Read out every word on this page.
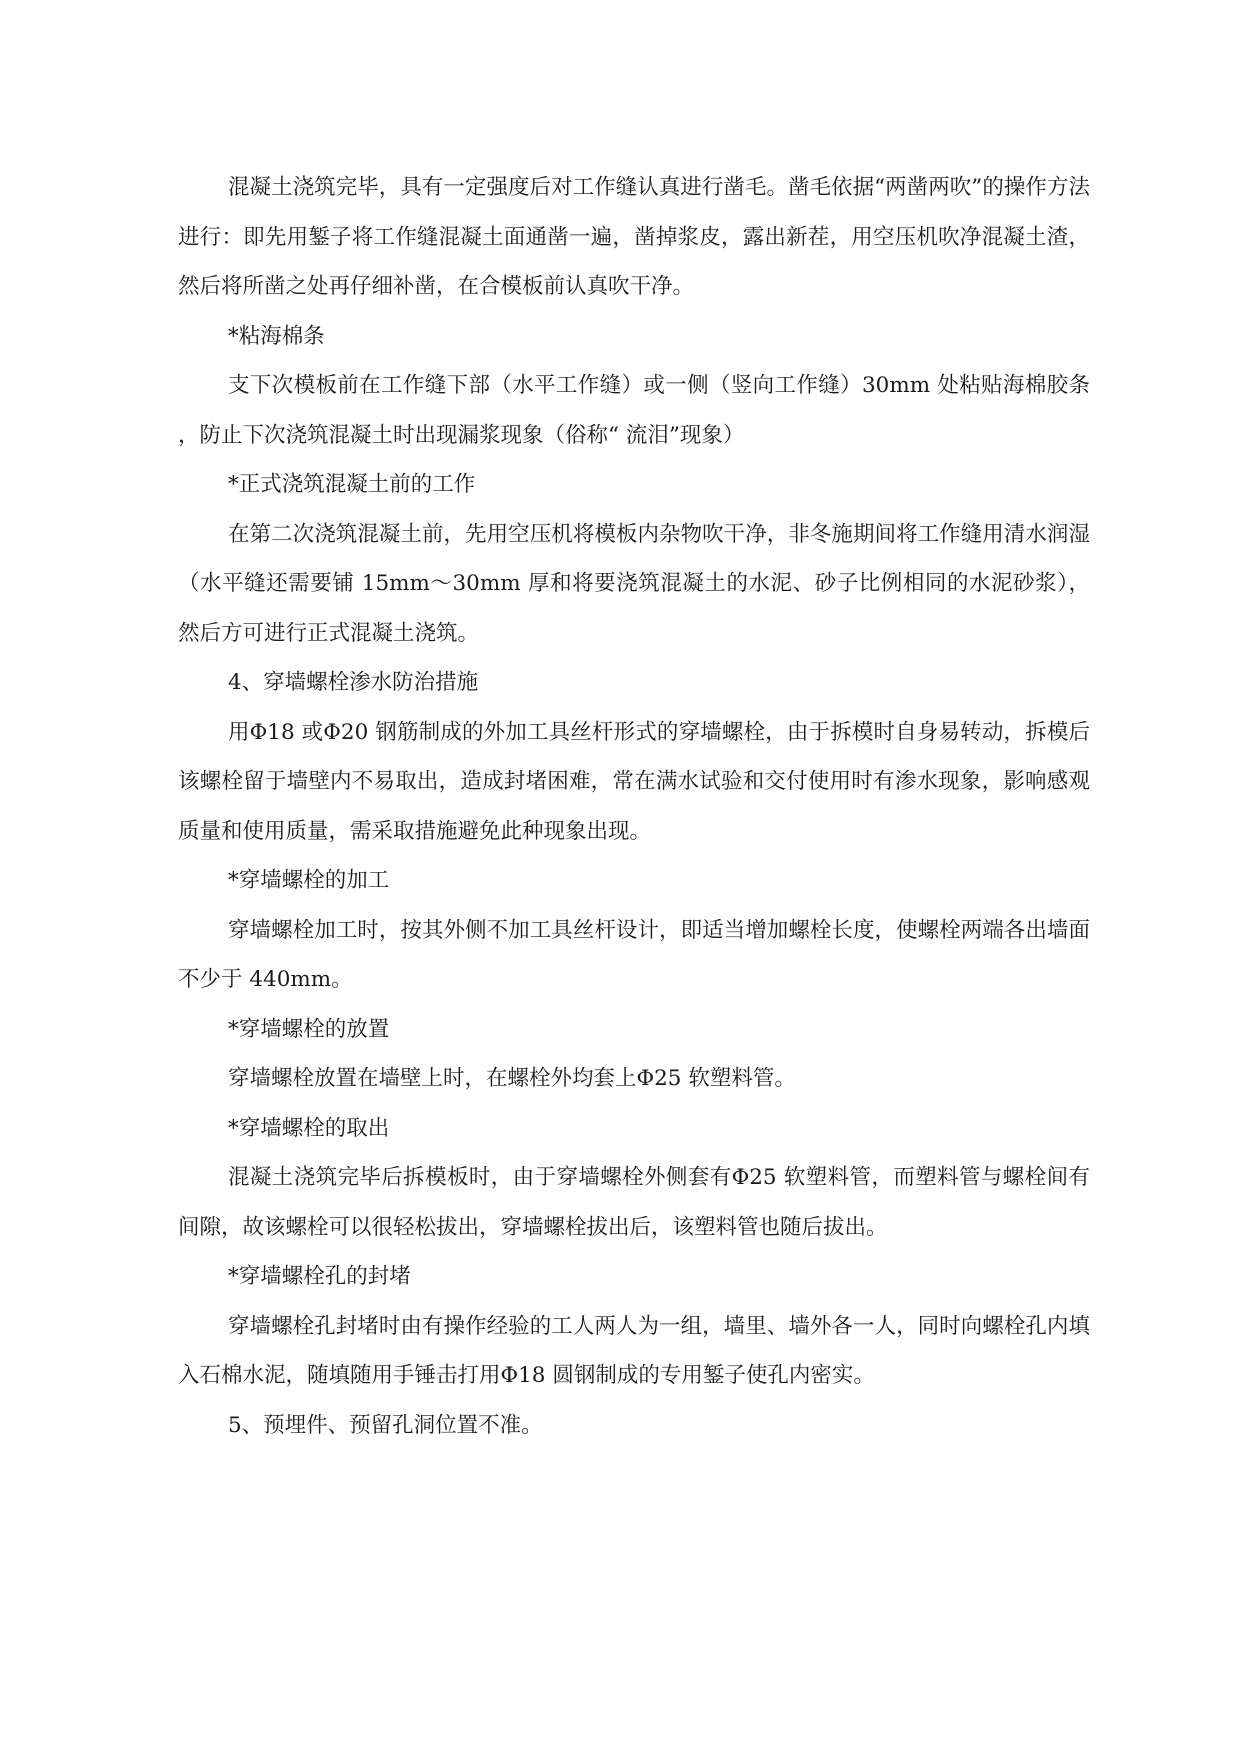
混凝土浇筑完毕，具有一定强度后对工作缝认真进行凿毛。凿毛依据“两凿两吹”的操作方法进行：即先用錾子将工作缝混凝土面通凿一遍，凿掉浆皮，露出新茬，用空压机吹净混凝土渣，然后将所凿之处再仔细补凿，在合模板前认真吹干净。

*粘海棉条

支下次模板前在工作缝下部（水平工作缝）或一侧（竖向工作缝）30mm 处粘贴海棉胶条，防止下次浇筑混凝土时出现漏浆现象（俗称“ 流泪”现象）

*正式浇筑混凝土前的工作

在第二次浇筑混凝土前，先用空压机将模板内杂物吹干净，非冬施期间将工作缝用清水润湿（水平缝还需要铺 15mm～30mm 厚和将要浇筑混凝土的水泥、砂子比例相同的水泥砂浆），然后方可进行正式混凝土浇筑。

4、穿墙螺栓渗水防治措施

用Φ18 或Φ20 钢筋制成的外加工具丝杆形式的穿墙螺栓，由于拆模时自身易转动，拆模后该螺栓留于墙壁内不易取出，造成封堵困难，常在满水试验和交付使用时有渗水现象，影响感观质量和使用质量，需采取措施避免此种现象出现。

*穿墙螺栓的加工

穿墙螺栓加工时，按其外侧不加工具丝杆设计，即适当增加螺栓长度，使螺栓两端各出墙面不少于 440mm。

*穿墙螺栓的放置

穿墙螺栓放置在墙壁上时，在螺栓外均套上Φ25 软塑料管。

*穿墙螺栓的取出

混凝土浇筑完毕后拆模板时，由于穿墙螺栓外侧套有Φ25 软塑料管，而塑料管与螺栓间有间隙，故该螺栓可以很轻松拔出，穿墙螺栓拔出后，该塑料管也随后拔出。

*穿墙螺栓孔的封堵

穿墙螺栓孔封堵时由有操作经验的工人两人为一组，墙里、墙外各一人，同时向螺栓孔内填入石棉水泥，随填随用手锤击打用Φ18 圆钢制成的专用錾子使孔内密实。

5、预埋件、预留孔洞位置不准。
